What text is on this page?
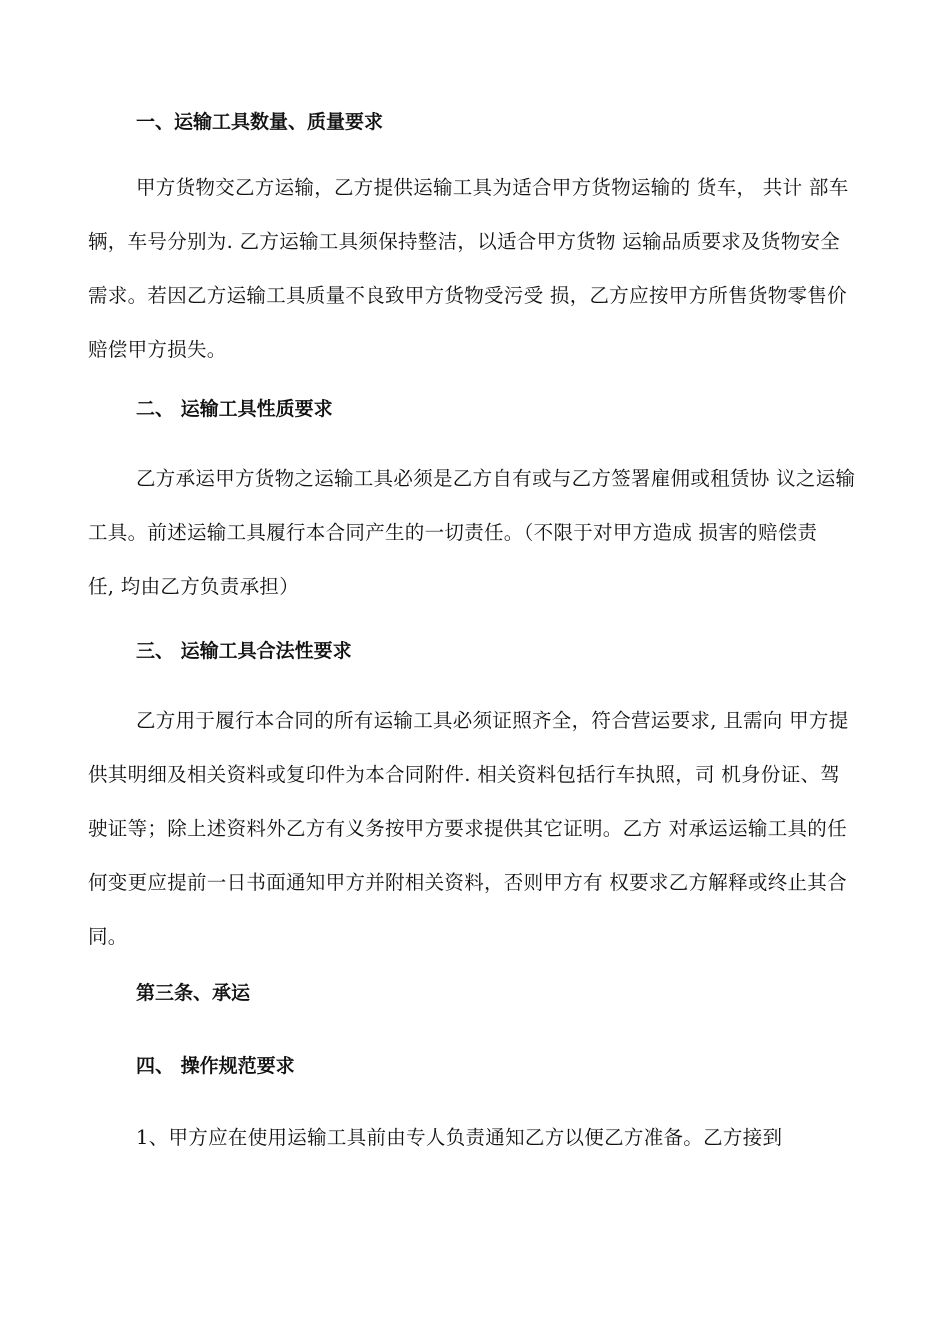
一、运输工具数量、质量要求
甲方货物交乙方运输，乙方提供运输工具为适合甲方货物运输的 货车， 共计 部车
辆，车号分别为. 乙方运输工具须保持整洁，以适合甲方货物 运输品质要求及货物安全
需求。若因乙方运输工具质量不良致甲方货物受污受 损，乙方应按甲方所售货物零售价
赔偿甲方损失。
二、 运输工具性质要求
乙方承运甲方货物之运输工具必须是乙方自有或与乙方签署雇佣或租赁协 议之运输
工具。前述运输工具履行本合同产生的一切责任。（不限于对甲方造成 损害的赔偿责
任, 均由乙方负责承担）
三、 运输工具合法性要求
乙方用于履行本合同的所有运输工具必须证照齐全，符合营运要求, 且需向 甲方提
供其明细及相关资料或复印件为本合同附件. 相关资料包括行车执照，司 机身份证、驾
驶证等；除上述资料外乙方有义务按甲方要求提供其它证明。乙方 对承运运输工具的任
何变更应提前一日书面通知甲方并附相关资料，否则甲方有 权要求乙方解释或终止其合
同。
第三条、承运
四、 操作规范要求
1、甲方应在使用运输工具前由专人负责通知乙方以便乙方准备。乙方接到
